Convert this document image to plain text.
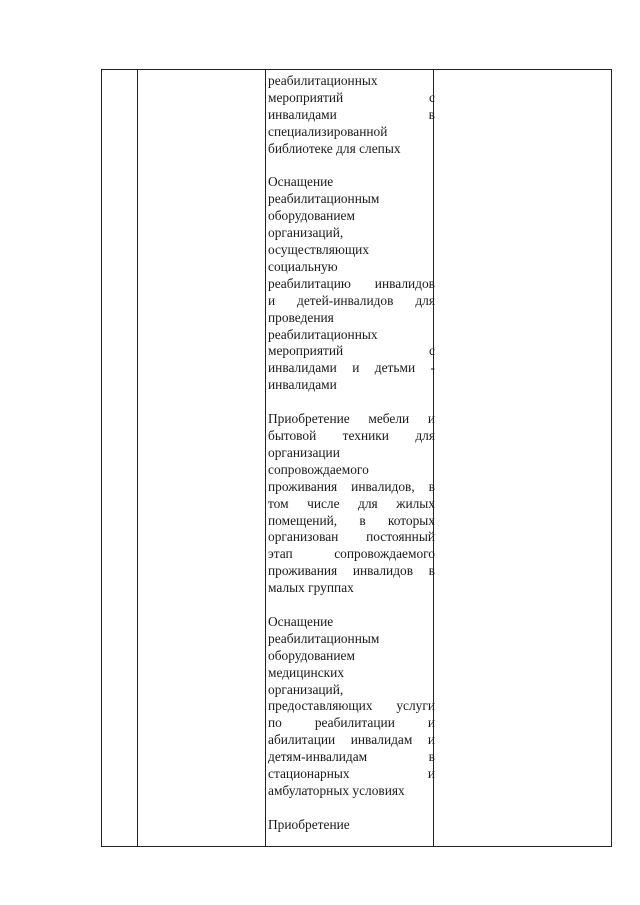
реабилитационных
мероприятий с
инвалидами в
специализированной
библиотеке для слепых
Оснащение
реабилитационным
оборудованием
организаций,
осуществляющих
социальную
реабилитацию инвалидов
и детей-инвалидов для
проведения
реабилитационных
мероприятий с
инвалидами и детьми -
инвалидами
Приобретение мебели и
бытовой техники для
организации
сопровождаемого
проживания инвалидов, в
том числе для жилых
помещений, в которых
организован постоянный
этап сопровождаемого
проживания инвалидов в
малых группах
Оснащение
реабилитационным
оборудованием
медицинских
организаций,
предоставляющих услуги
по реабилитации и
абилитации инвалидам и
детям-инвалидам в
стационарных и
амбулаторных условиях
Приобретение
